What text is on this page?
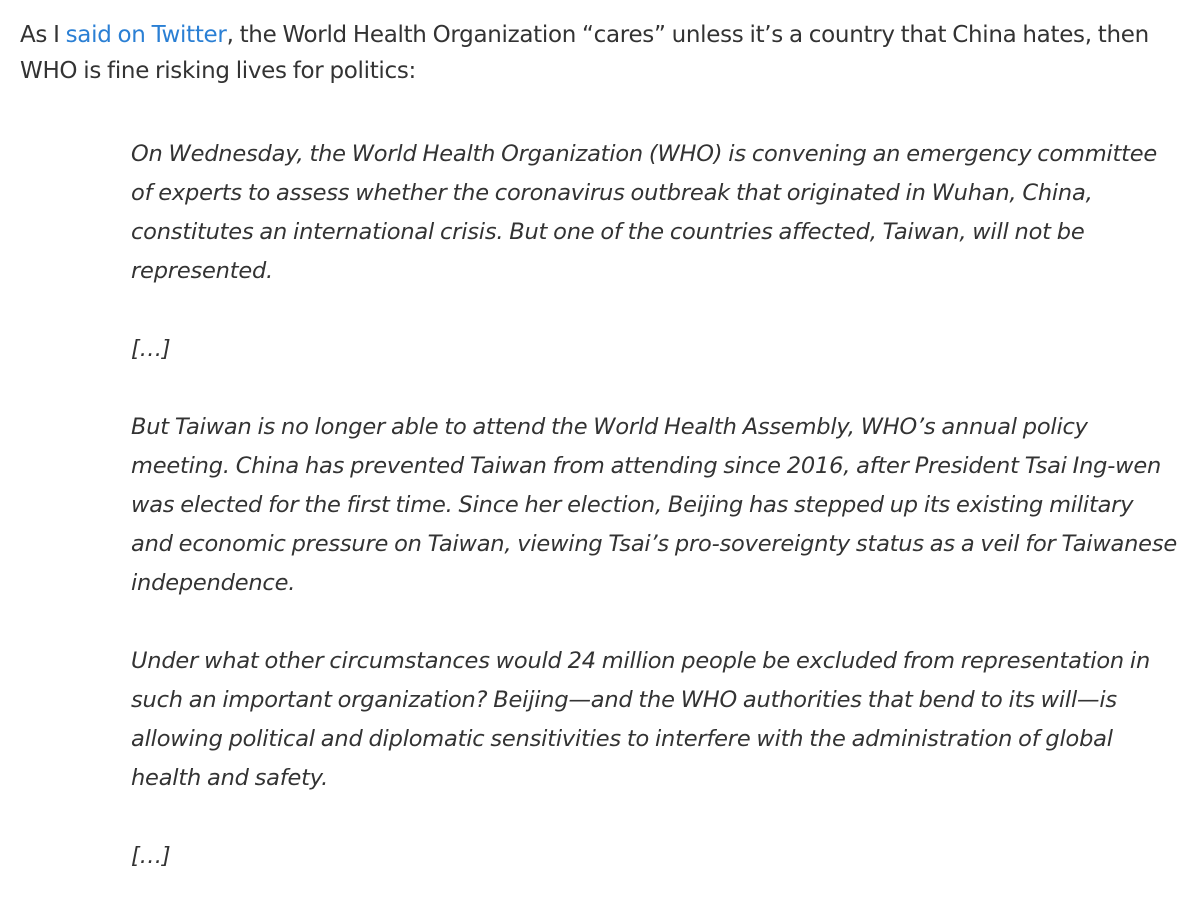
As I said on Twitter, the World Health Organization “cares” unless it’s a country that China hates, then WHO is fine risking lives for politics:

On Wednesday, the World Health Organization (WHO) is convening an emergency committee of experts to assess whether the coronavirus outbreak that originated in Wuhan, China, constitutes an international crisis. But one of the countries affected, Taiwan, will not be represented.

[…]

But Taiwan is no longer able to attend the World Health Assembly, WHO’s annual policy meeting. China has prevented Taiwan from attending since 2016, after President Tsai Ing-wen was elected for the first time. Since her election, Beijing has stepped up its existing military and economic pressure on Taiwan, viewing Tsai’s pro-sovereignty status as a veil for Taiwanese independence.

Under what other circumstances would 24 million people be excluded from representation in such an important organization? Beijing—and the WHO authorities that bend to its will—is allowing political and diplomatic sensitivities to interfere with the administration of global health and safety.

[…]
